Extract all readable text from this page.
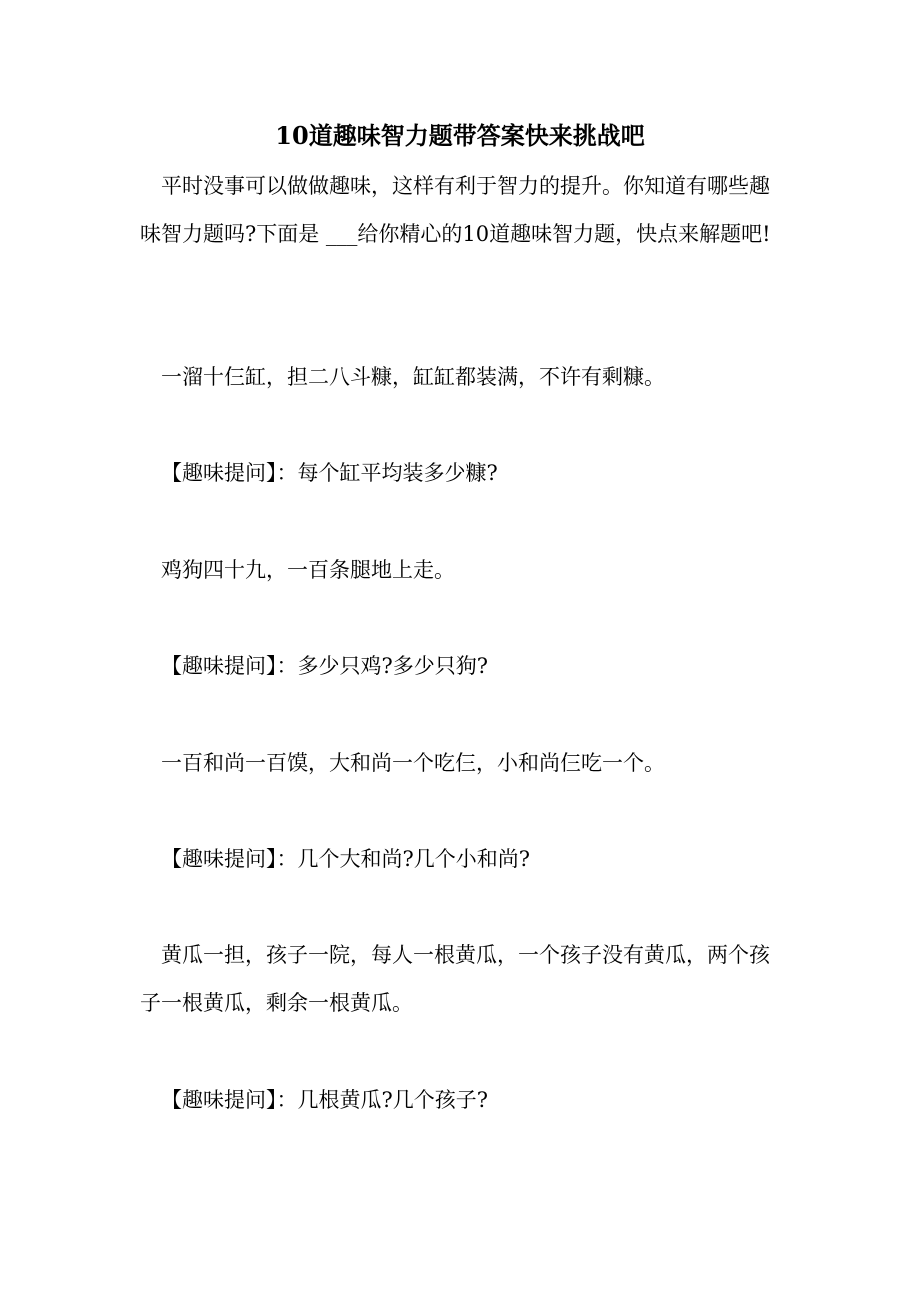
10道趣味智力题带答案快来挑战吧

平时没事可以做做趣味，这样有利于智力的提升。你知道有哪些趣味智力题吗?下面是 ___给你精心的10道趣味智力题，快点来解题吧!

一溜十仨缸，担二八斗糠，缸缸都装满，不许有剩糠。

【趣味提问】：每个缸平均装多少糠?

鸡狗四十九，一百条腿地上走。

【趣味提问】：多少只鸡?多少只狗?

一百和尚一百馍，大和尚一个吃仨，小和尚仨吃一个。

【趣味提问】：几个大和尚?几个小和尚?

黄瓜一担，孩子一院，每人一根黄瓜，一个孩子没有黄瓜，两个孩子一根黄瓜，剩余一根黄瓜。

【趣味提问】：几根黄瓜?几个孩子?
